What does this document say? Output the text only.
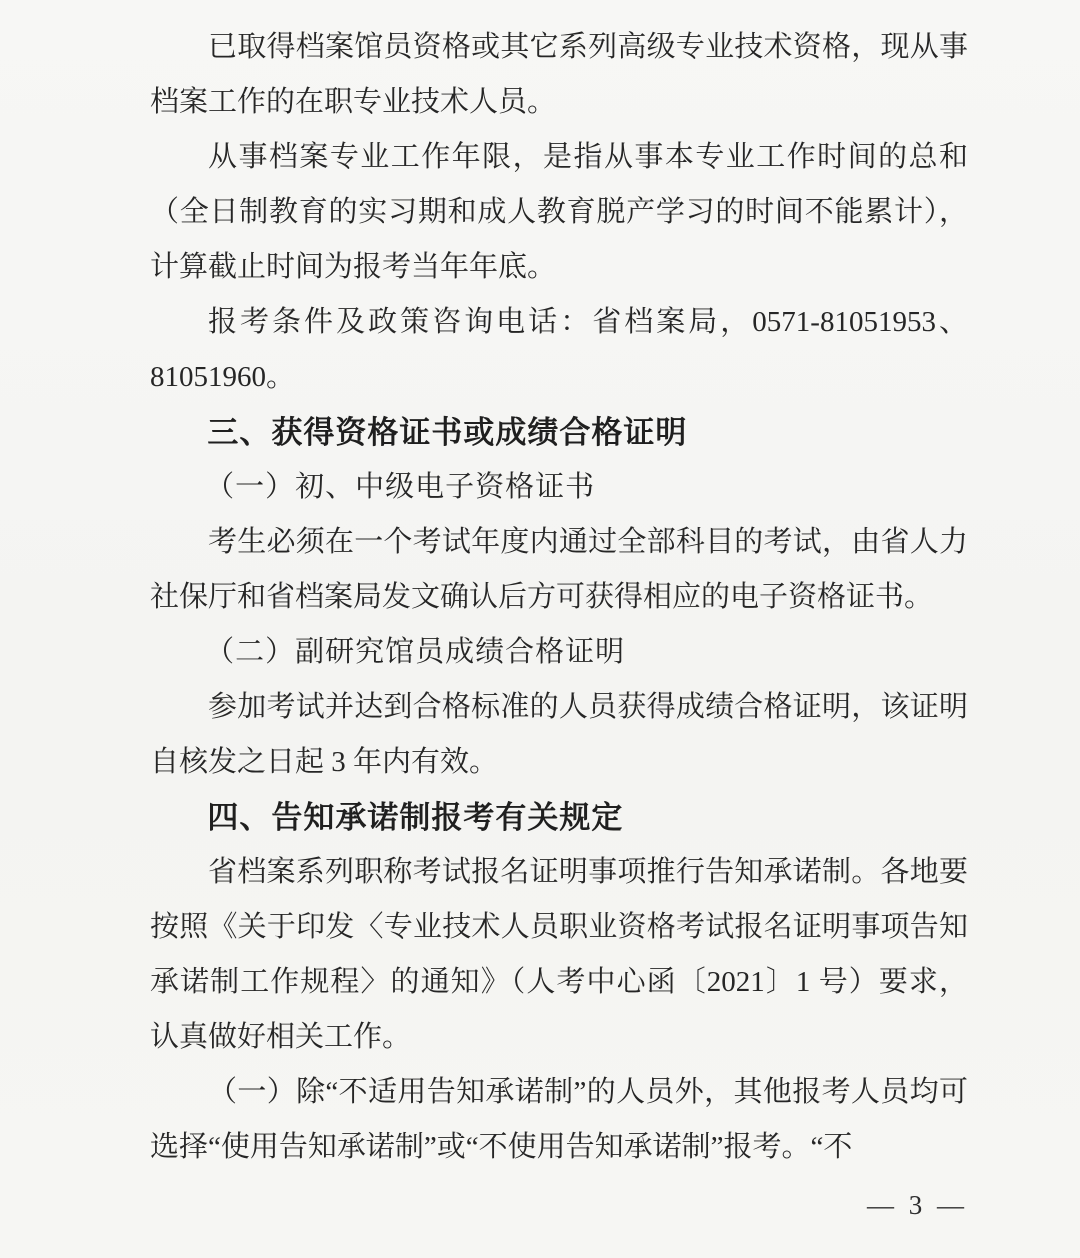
已取得档案馆员资格或其它系列高级专业技术资格，现从事档案工作的在职专业技术人员。

从事档案专业工作年限，是指从事本专业工作时间的总和（全日制教育的实习期和成人教育脱产学习的时间不能累计），计算截止时间为报考当年年底。

报考条件及政策咨询电话：省档案局，0571-81051953、81051960。

三、获得资格证书或成绩合格证明

（一）初、中级电子资格证书

考生必须在一个考试年度内通过全部科目的考试，由省人力社保厅和省档案局发文确认后方可获得相应的电子资格证书。

（二）副研究馆员成绩合格证明

参加考试并达到合格标准的人员获得成绩合格证明，该证明自核发之日起 3 年内有效。

四、告知承诺制报考有关规定

省档案系列职称考试报名证明事项推行告知承诺制。各地要按照《关于印发〈专业技术人员职业资格考试报名证明事项告知承诺制工作规程〉的通知》（人考中心函〔2021〕1 号）要求，认真做好相关工作。

（一）除“不适用告知承诺制”的人员外，其他报考人员均可选择“使用告知承诺制”或“不使用告知承诺制”报考。“不

— 3 —
